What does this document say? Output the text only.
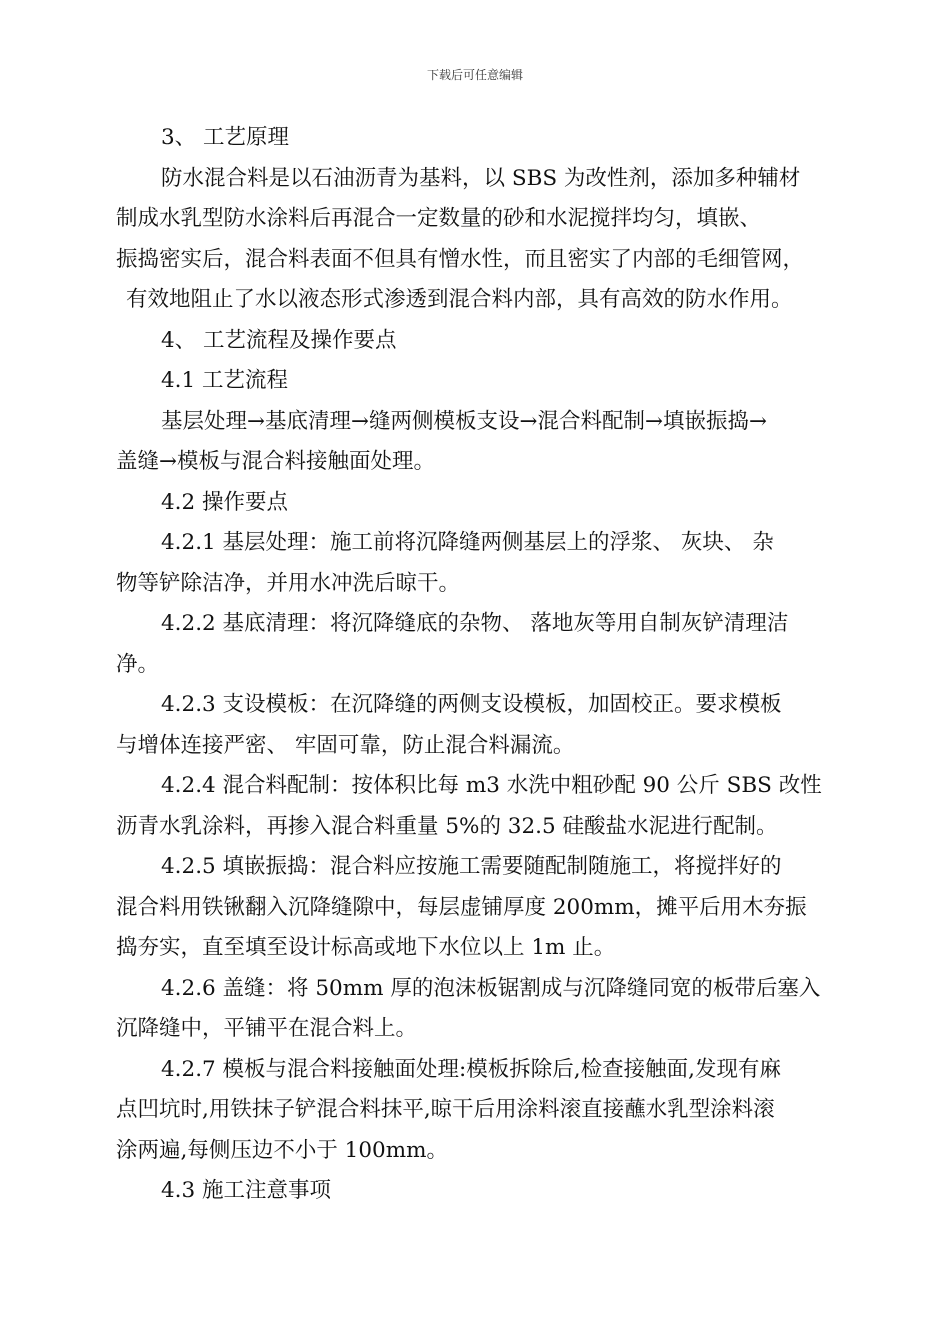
下载后可任意编辑
3、 工艺原理
防水混合料是以石油沥青为基料，以 SBS 为改性剂，添加多种辅材
制成水乳型防水涂料后再混合一定数量的砂和水泥搅拌均匀，填嵌、
振捣密实后，混合料表面不但具有憎水性，而且密实了内部的毛细管网，
有效地阻止了水以液态形式渗透到混合料内部，具有高效的防水作用。
4、 工艺流程及操作要点
4.1 工艺流程
基层处理→基底清理→缝两侧模板支设→混合料配制→填嵌振捣→
盖缝→模板与混合料接触面处理。
4.2 操作要点
4.2.1 基层处理：施工前将沉降缝两侧基层上的浮浆、 灰块、 杂
物等铲除洁净，并用水冲洗后晾干。
4.2.2 基底清理：将沉降缝底的杂物、 落地灰等用自制灰铲清理洁
净。
4.2.3 支设模板：在沉降缝的两侧支设模板，加固校正。要求模板
与增体连接严密、 牢固可靠，防止混合料漏流。
4.2.4 混合料配制：按体积比每 m3 水洗中粗砂配 90 公斤 SBS 改性
沥青水乳涂料，再掺入混合料重量 5%的 32.5 硅酸盐水泥进行配制。
4.2.5 填嵌振捣：混合料应按施工需要随配制随施工，将搅拌好的
混合料用铁锹翻入沉降缝隙中，每层虚铺厚度 200mm，摊平后用木夯振
捣夯实，直至填至设计标高或地下水位以上 1m 止。
4.2.6 盖缝：将 50mm 厚的泡沫板锯割成与沉降缝同宽的板带后塞入
沉降缝中，平铺平在混合料上。
4.2.7 模板与混合料接触面处理:模板拆除后,检查接触面,发现有麻
点凹坑时,用铁抹子铲混合料抹平,晾干后用涂料滚直接蘸水乳型涂料滚
涂两遍,每侧压边不小于 100mm。
4.3 施工注意事项
